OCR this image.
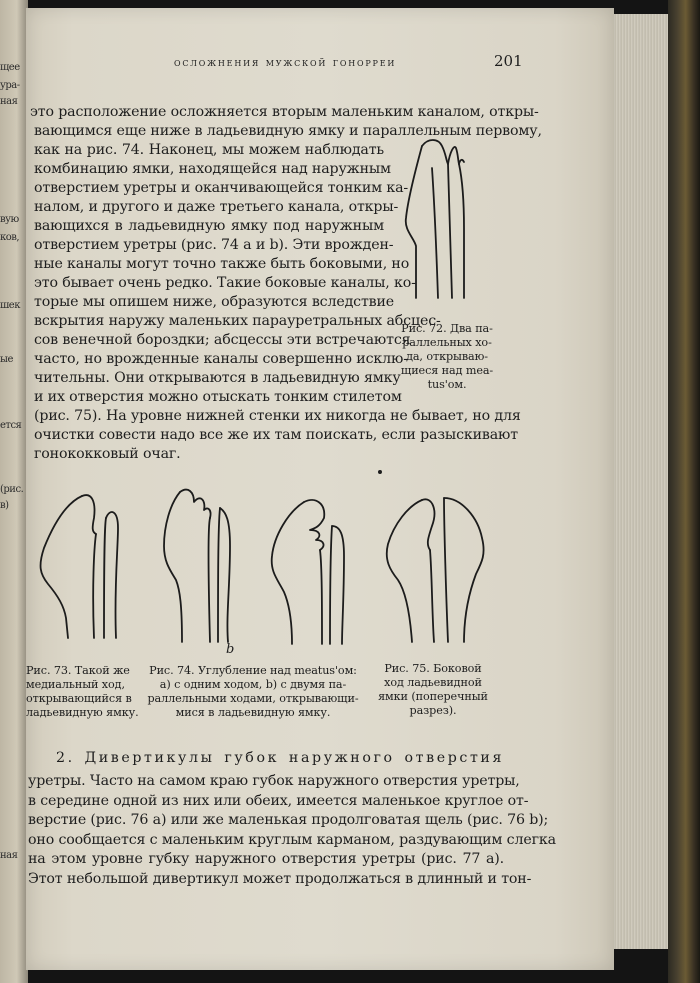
щее
ура-
ная
вую
ков,
шек
ые
ется
(рис.
в)
ная
осложнения мужской гонорреи	201
это расположение осложняется вторым маленьким каналом, откры-
вающимся еще ниже в ладьевидную ямку и параллельным первому,
как на рис. 74. Наконец, мы можем наблюдать
комбинацию ямки, находящейся над наружным
отверстием уретры и оканчивающейся тонким ка-
налом, и другого и даже третьего канала, откры-
вающихся в ладьевидную ямку под наружным
отверстием уретры (рис. 74 a и b). Эти врожден-
ные каналы могут точно также быть боковыми, но
это бывает очень редко. Такие боковые каналы, ко-
торые мы опишем ниже, образуются вследствие
вскрытия наружу маленьких парауретральных абсцес-
сов венечной бороздки; абсцессы эти встречаются
часто, но врожденные каналы совершенно исклю-
чительны. Они открываются в ладьевидную ямку
и их отверстия можно отыскать тонким стилетом
(рис. 75). На уровне нижней стенки их никогда не бывает, но для
очистки совести надо все же их там поискать, если разыскивают
гонококковый очаг.
Рис. 72. Два па-
раллельных хо-
да, открываю-
щиеся над mea-
tus'ом.
Рис. 73. Такой же
медиальный ход,
открывающийся в
ладьевидную ямку.
b
Рис. 74. Углубление над meatus'ом:
a) с одним ходом, b) с двумя па-
раллельными ходами, открывающи-
мися в ладьевидную ямку.
Рис. 75. Боковой
ход ладьевидной
ямки (поперечный
разрез).
2. Дивертикулы губок наружного отверстия
уретры. Часто на самом краю губок наружного отверстия уретры,
в середине одной из них или обеих, имеется маленькое круглое от-
верстие (рис. 76 a) или же маленькая продолговатая щель (рис. 76 b);
оно сообщается с маленьким круглым карманом, раздувающим слегка
на этом уровне губку наружного отверстия уретры (рис. 77 a).
Этот небольшой дивертикул может продолжаться в длинный и тон-
